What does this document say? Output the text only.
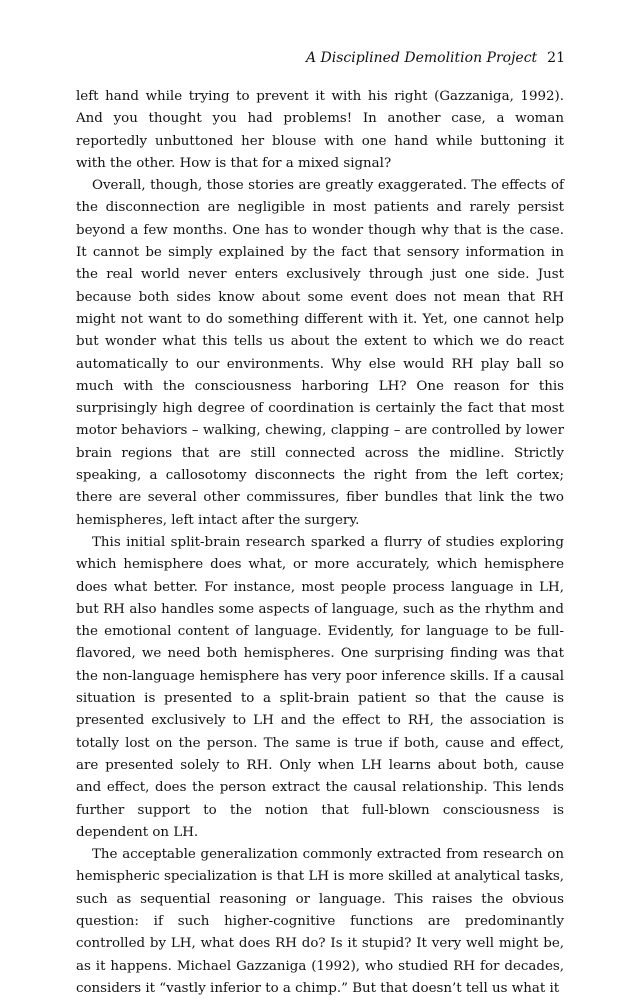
A Disciplined Demolition Project 21

left hand while trying to prevent it with his right (Gazzaniga, 1992). And you thought you had problems! In another case, a woman reportedly unbuttoned her blouse with one hand while buttoning it with the other. How is that for a mixed signal?

Overall, though, those stories are greatly exaggerated. The effects of the disconnection are negligible in most patients and rarely persist beyond a few months. One has to wonder though why that is the case. It cannot be simply explained by the fact that sensory information in the real world never enters exclusively through just one side. Just because both sides know about some event does not mean that RH might not want to do something different with it. Yet, one cannot help but wonder what this tells us about the extent to which we do react automatically to our environments. Why else would RH play ball so much with the consciousness harboring LH? One reason for this surprisingly high degree of coordination is certainly the fact that most motor behaviors – walking, chewing, clapping – are controlled by lower brain regions that are still connected across the midline. Strictly speaking, a callosotomy disconnects the right from the left cortex; there are several other commissures, fiber bundles that link the two hemispheres, left intact after the surgery.

This initial split-brain research sparked a flurry of studies exploring which hemisphere does what, or more accurately, which hemisphere does what better. For instance, most people process language in LH, but RH also handles some aspects of language, such as the rhythm and the emotional content of language. Evidently, for language to be full-flavored, we need both hemispheres. One surprising finding was that the non-language hemisphere has very poor inference skills. If a causal situation is presented to a split-brain patient so that the cause is presented exclusively to LH and the effect to RH, the association is totally lost on the person. The same is true if both, cause and effect, are presented solely to RH. Only when LH learns about both, cause and effect, does the person extract the causal relationship. This lends further support to the notion that full-blown consciousness is dependent on LH.

The acceptable generalization commonly extracted from research on hemispheric specialization is that LH is more skilled at analytical tasks, such as sequential reasoning or language. This raises the obvious question: if such higher-cognitive functions are predominantly controlled by LH, what does RH do? Is it stupid? It very well might be, as it happens. Michael Gazzaniga (1992), who studied RH for decades, considers it “vastly inferior to a chimp.” But that doesn’t tell us what it
